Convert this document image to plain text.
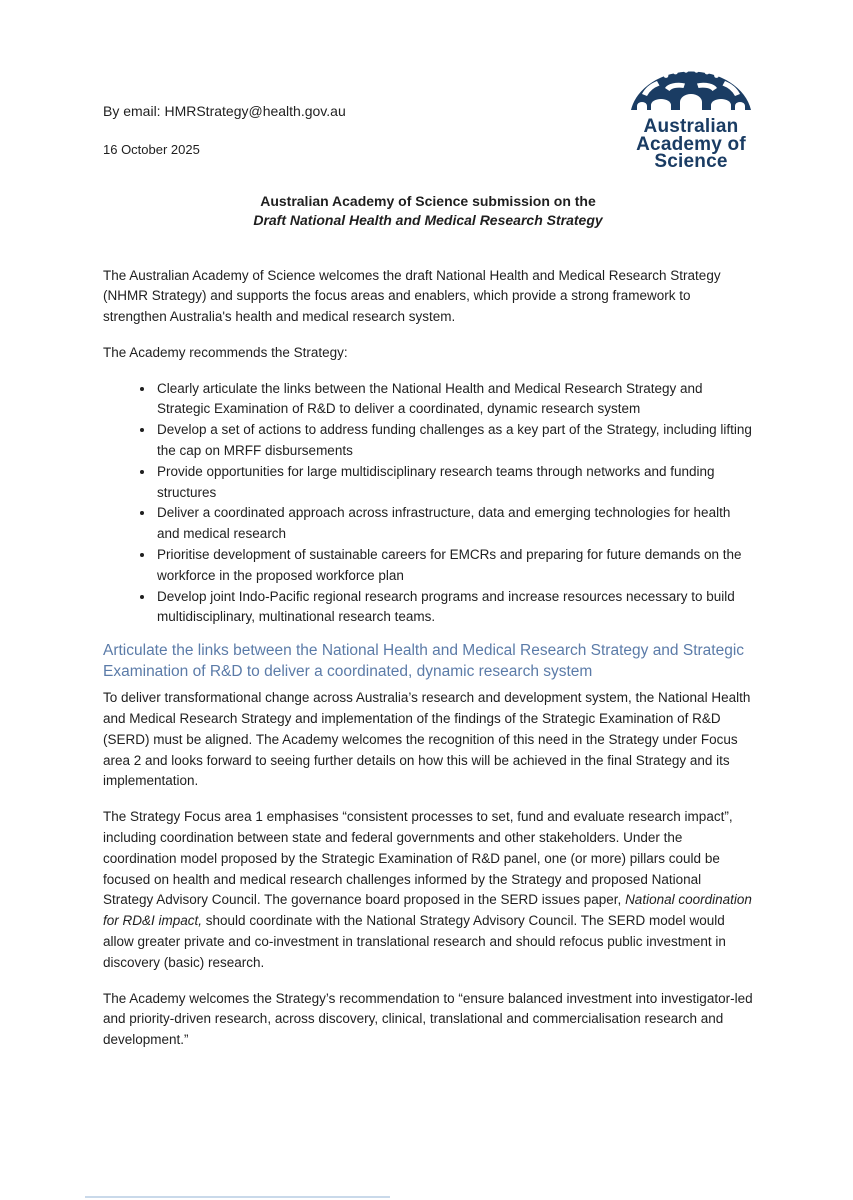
By email: HMRStrategy@health.gov.au

16 October 2025

Australian
Academy of
Science
Australian Academy of Science submission on the
Draft National Health and Medical Research Strategy

The Australian Academy of Science welcomes the draft National Health and Medical Research Strategy (NHMR Strategy) and supports the focus areas and enablers, which provide a strong framework to strengthen Australia's health and medical research system.

The Academy recommends the Strategy:

• Clearly articulate the links between the National Health and Medical Research Strategy and Strategic Examination of R&D to deliver a coordinated, dynamic research system
• Develop a set of actions to address funding challenges as a key part of the Strategy, including lifting the cap on MRFF disbursements
• Provide opportunities for large multidisciplinary research teams through networks and funding structures
• Deliver a coordinated approach across infrastructure, data and emerging technologies for health and medical research
• Prioritise development of sustainable careers for EMCRs and preparing for future demands on the workforce in the proposed workforce plan
• Develop joint Indo-Pacific regional research programs and increase resources necessary to build multidisciplinary, multinational research teams.
Articulate the links between the National Health and Medical Research Strategy and Strategic Examination of R&D to deliver a coordinated, dynamic research system

To deliver transformational change across Australia’s research and development system, the National Health and Medical Research Strategy and implementation of the findings of the Strategic Examination of R&D (SERD) must be aligned. The Academy welcomes the recognition of this need in the Strategy under Focus area 2 and looks forward to seeing further details on how this will be achieved in the final Strategy and its implementation.

The Strategy Focus area 1 emphasises “consistent processes to set, fund and evaluate research impact”, including coordination between state and federal governments and other stakeholders. Under the coordination model proposed by the Strategic Examination of R&D panel, one (or more) pillars could be focused on health and medical research challenges informed by the Strategy and proposed National Strategy Advisory Council. The governance board proposed in the SERD issues paper, National coordination for RD&I impact, should coordinate with the National Strategy Advisory Council. The SERD model would allow greater private and co-investment in translational research and should refocus public investment in discovery (basic) research.

The Academy welcomes the Strategy’s recommendation to “ensure balanced investment into investigator-led and priority-driven research, across discovery, clinical, translational and commercialisation research and development.”
